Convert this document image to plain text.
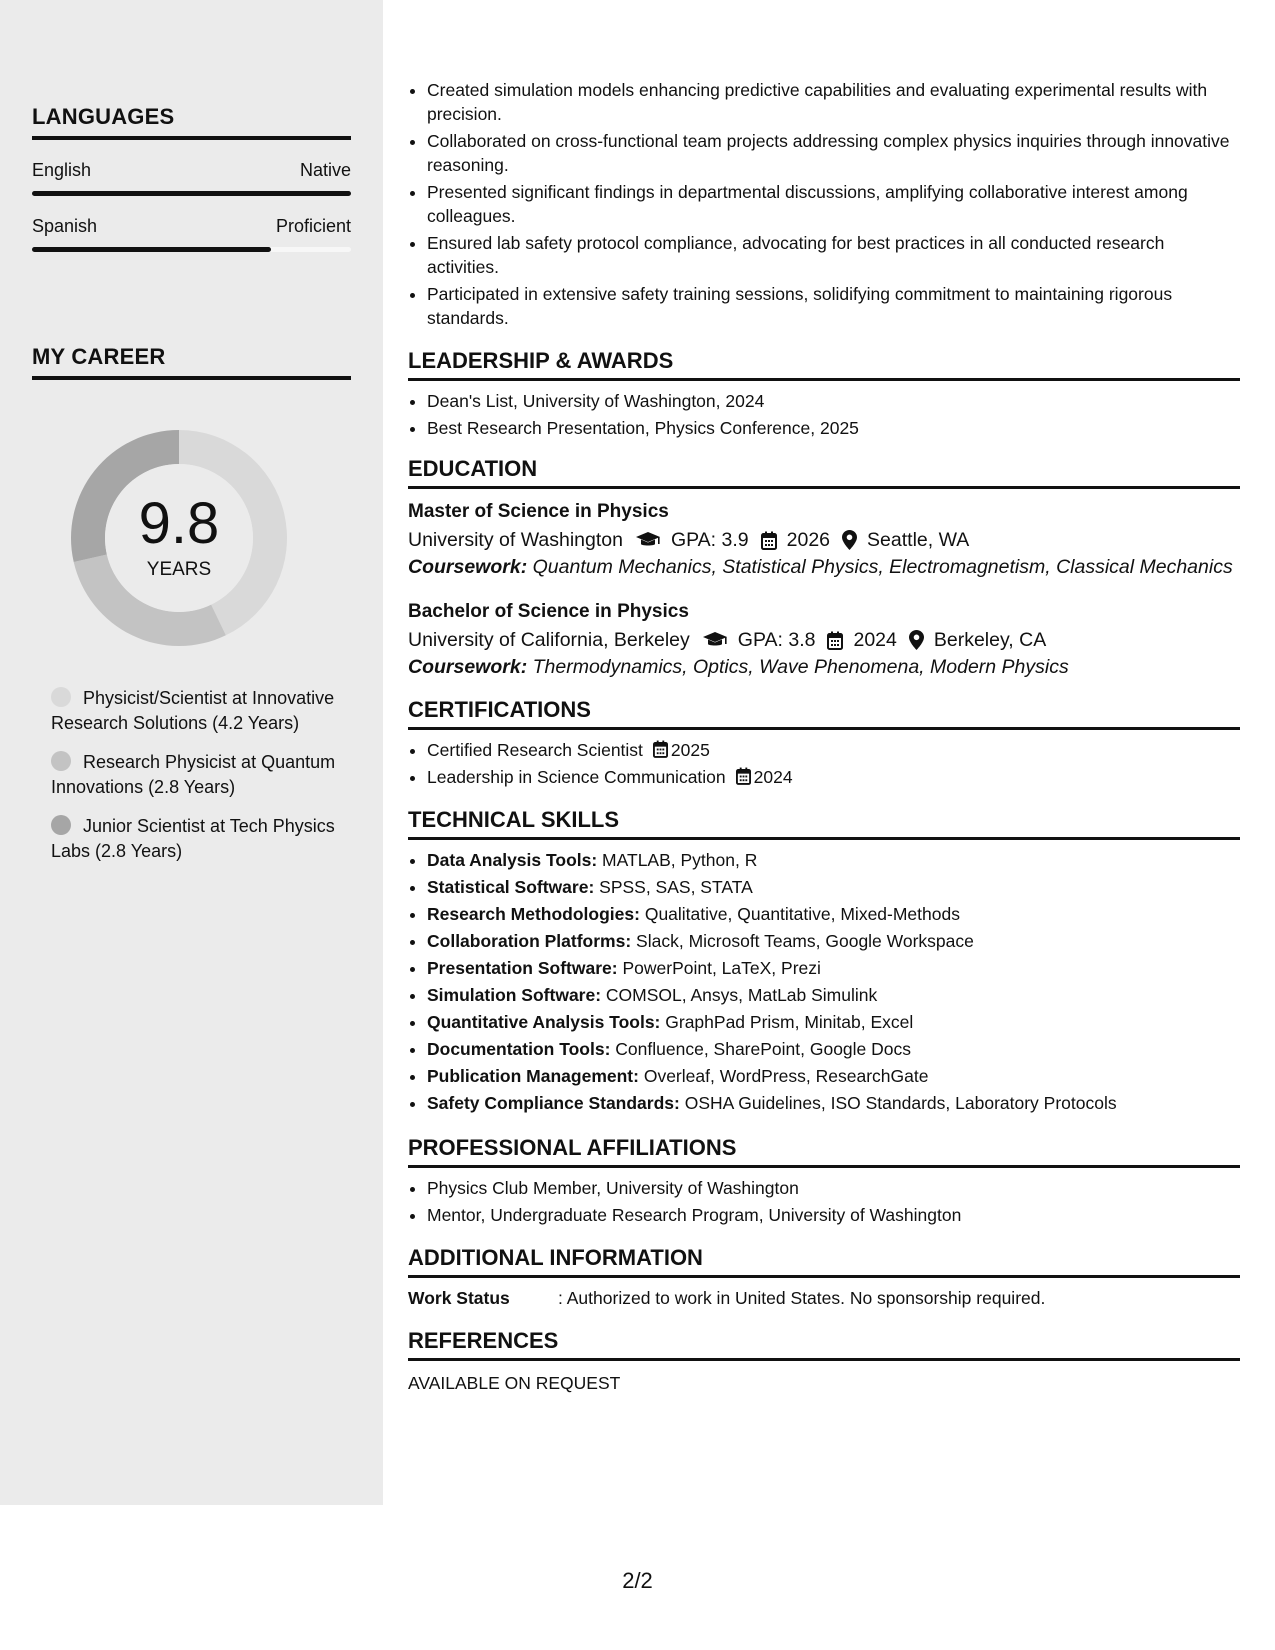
LANGUAGES
English	Native
Spanish	Proficient
MY CAREER
9.8
YEARS
Physicist/Scientist at Innovative Research Solutions (4.2 Years)
Research Physicist at Quantum Innovations (2.8 Years)
Junior Scientist at Tech Physics Labs (2.8 Years)
• Created simulation models enhancing predictive capabilities and evaluating experimental results with precision.
• Collaborated on cross-functional team projects addressing complex physics inquiries through innovative reasoning.
• Presented significant findings in departmental discussions, amplifying collaborative interest among colleagues.
• Ensured lab safety protocol compliance, advocating for best practices in all conducted research activities.
• Participated in extensive safety training sessions, solidifying commitment to maintaining rigorous standards.
LEADERSHIP & AWARDS
• Dean's List, University of Washington, 2024
• Best Research Presentation, Physics Conference, 2025
EDUCATION
Master of Science in Physics
University of Washington GPA: 3.9 2026 Seattle, WA
Coursework: Quantum Mechanics, Statistical Physics, Electromagnetism, Classical Mechanics
Bachelor of Science in Physics
University of California, Berkeley GPA: 3.8 2024 Berkeley, CA
Coursework: Thermodynamics, Optics, Wave Phenomena, Modern Physics
CERTIFICATIONS
• Certified Research Scientist 2025
• Leadership in Science Communication 2024
TECHNICAL SKILLS
• Data Analysis Tools: MATLAB, Python, R
• Statistical Software: SPSS, SAS, STATA
• Research Methodologies: Qualitative, Quantitative, Mixed-Methods
• Collaboration Platforms: Slack, Microsoft Teams, Google Workspace
• Presentation Software: PowerPoint, LaTeX, Prezi
• Simulation Software: COMSOL, Ansys, MatLab Simulink
• Quantitative Analysis Tools: GraphPad Prism, Minitab, Excel
• Documentation Tools: Confluence, SharePoint, Google Docs
• Publication Management: Overleaf, WordPress, ResearchGate
• Safety Compliance Standards: OSHA Guidelines, ISO Standards, Laboratory Protocols
PROFESSIONAL AFFILIATIONS
• Physics Club Member, University of Washington
• Mentor, Undergraduate Research Program, University of Washington
ADDITIONAL INFORMATION
Work Status	: Authorized to work in United States. No sponsorship required.
REFERENCES
AVAILABLE ON REQUEST
2/2
